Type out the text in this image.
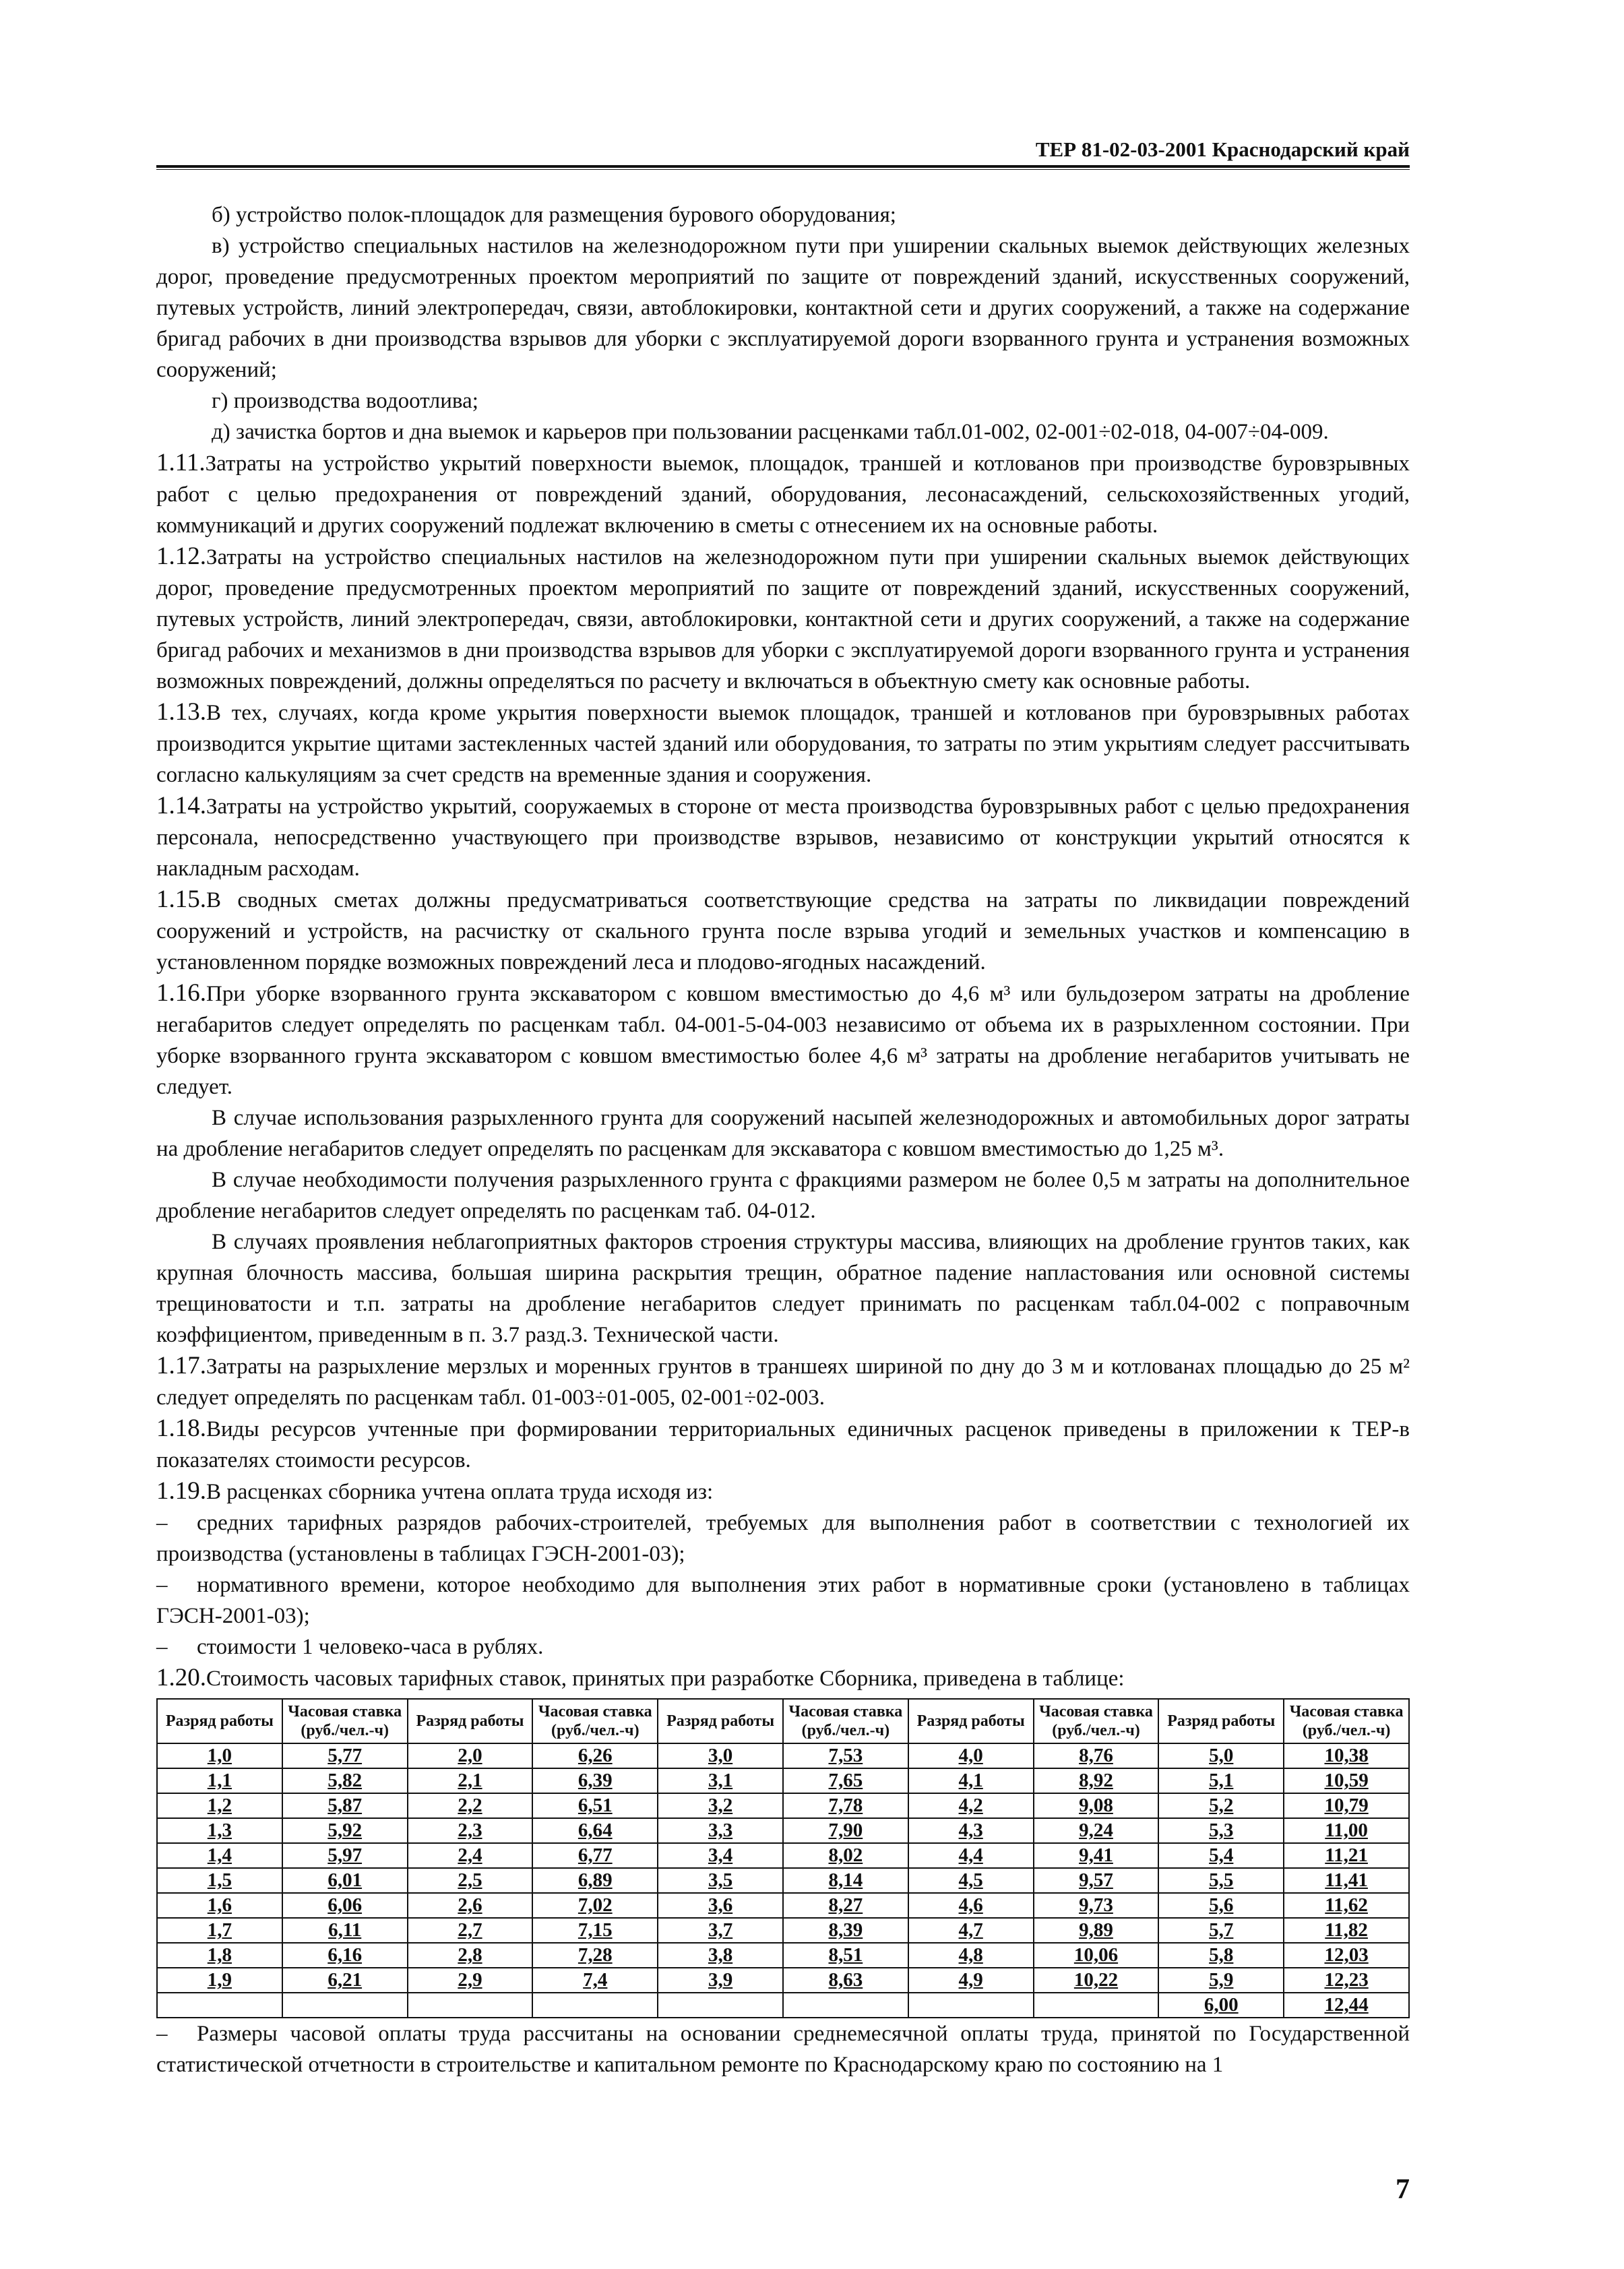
ТЕР 81-02-03-2001 Краснодарский край

б) устройство полок-площадок для размещения бурового оборудования;

в) устройство специальных настилов на железнодорожном пути при уширении скальных выемок действующих железных дорог, проведение предусмотренных проектом мероприятий по защите от повреждений зданий, искусственных сооружений, путевых устройств, линий электропередач, связи, автоблокировки, контактной сети и других сооружений, а также на содержание бригад рабочих в дни производства взрывов для уборки с эксплуатируемой дороги взорванного грунта и устранения возможных сооружений;

г) производства водоотлива;

д) зачистка бортов и дна выемок и карьеров при пользовании расценками табл.01-002, 02-001÷02-018, 04-007÷04-009.

1.11.Затраты на устройство укрытий поверхности выемок, площадок, траншей и котлованов при производстве буровзрывных работ с целью предохранения от повреждений зданий, оборудования, лесонасаждений, сельскохозяйственных угодий, коммуникаций и других сооружений подлежат включению в сметы с отнесением их на основные работы.

1.12.Затраты на устройство специальных настилов на железнодорожном пути при уширении скальных выемок действующих дорог, проведение предусмотренных проектом мероприятий по защите от повреждений зданий, искусственных сооружений, путевых устройств, линий электропередач, связи, автоблокировки, контактной сети и других сооружений, а также на содержание бригад рабочих и механизмов в дни производства взрывов для уборки с эксплуатируемой дороги взорванного грунта и устранения возможных повреждений, должны определяться по расчету и включаться в объектную смету как основные работы.

1.13.В тех, случаях, когда кроме укрытия поверхности выемок площадок, траншей и котлованов при буровзрывных работах производится укрытие щитами застекленных частей зданий или оборудования, то затраты по этим укрытиям следует рассчитывать согласно калькуляциям за счет средств на временные здания и сооружения.

1.14.Затраты на устройство укрытий, сооружаемых в стороне от места производства буровзрывных работ с целью предохранения персонала, непосредственно участвующего при производстве взрывов, независимо от конструкции укрытий относятся к накладным расходам.

1.15.В сводных сметах должны предусматриваться соответствующие средства на затраты по ликвидации повреждений сооружений и устройств, на расчистку от скального грунта после взрыва угодий и земельных участков и компенсацию в установленном порядке возможных повреждений леса и плодово-ягодных насаждений.

1.16.При уборке взорванного грунта экскаватором с ковшом вместимостью до 4,6 м³ или бульдозером затраты на дробление негабаритов следует определять по расценкам табл. 04-001-5-04-003 независимо от объема их в разрыхленном состоянии. При уборке взорванного грунта экскаватором с ковшом вместимостью более 4,6 м³ затраты на дробление негабаритов учитывать не следует.

В случае использования разрыхленного грунта для сооружений насыпей железнодорожных и автомобильных дорог затраты на дробление негабаритов следует определять по расценкам для экскаватора с ковшом вместимостью до 1,25 м³.

В случае необходимости получения разрыхленного грунта с фракциями размером не более 0,5 м затраты на дополнительное дробление негабаритов следует определять по расценкам таб. 04-012.

В случаях проявления неблагоприятных факторов строения структуры массива, влияющих на дробление грунтов таких, как крупная блочность массива, большая ширина раскрытия трещин, обратное падение напластования или основной системы трещиноватости и т.п. затраты на дробление негабаритов следует принимать по расценкам табл.04-002 с поправочным коэффициентом, приведенным в п. 3.7 разд.3. Технической части.

1.17.Затраты на разрыхление мерзлых и моренных грунтов в траншеях шириной по дну до 3 м и котлованах площадью до 25 м² следует определять по расценкам табл. 01-003÷01-005, 02-001÷02-003.

1.18.Виды ресурсов учтенные при формировании территориальных единичных расценок приведены в приложении к ТЕР-в показателях стоимости ресурсов.

1.19.В расценках сборника учтена оплата труда исходя из:

– средних тарифных разрядов рабочих-строителей, требуемых для выполнения работ в соответствии с технологией их производства (установлены в таблицах ГЭСН-2001-03);

– нормативного времени, которое необходимо для выполнения этих работ в нормативные сроки (установлено в таблицах ГЭСН-2001-03);

– стоимости 1 человеко-часа в рублях.

1.20.Стоимость часовых тарифных ставок, принятых при разработке Сборника, приведена в таблице:

Разряд работы	Часовая ставка (руб./чел.-ч)	Разряд работы	Часовая ставка (руб./чел.-ч)	Разряд работы	Часовая ставка (руб./чел.-ч)	Разряд работы	Часовая ставка (руб./чел.-ч)	Разряд работы	Часовая ставка (руб./чел.-ч)
1,0	5,77	2,0	6,26	3,0	7,53	4,0	8,76	5,0	10,38
1,1	5,82	2,1	6,39	3,1	7,65	4,1	8,92	5,1	10,59
1,2	5,87	2,2	6,51	3,2	7,78	4,2	9,08	5,2	10,79
1,3	5,92	2,3	6,64	3,3	7,90	4,3	9,24	5,3	11,00
1,4	5,97	2,4	6,77	3,4	8,02	4,4	9,41	5,4	11,21
1,5	6,01	2,5	6,89	3,5	8,14	4,5	9,57	5,5	11,41
1,6	6,06	2,6	7,02	3,6	8,27	4,6	9,73	5,6	11,62
1,7	6,11	2,7	7,15	3,7	8,39	4,7	9,89	5,7	11,82
1,8	6,16	2,8	7,28	3,8	8,51	4,8	10,06	5,8	12,03
1,9	6,21	2,9	7,4	3,9	8,63	4,9	10,22	5,9	12,23
								6,00	12,44

– Размеры часовой оплаты труда рассчитаны на основании среднемесячной оплаты труда, принятой по Государственной статистической отчетности в строительстве и капитальном ремонте по Краснодарскому краю по состоянию на 1

7
